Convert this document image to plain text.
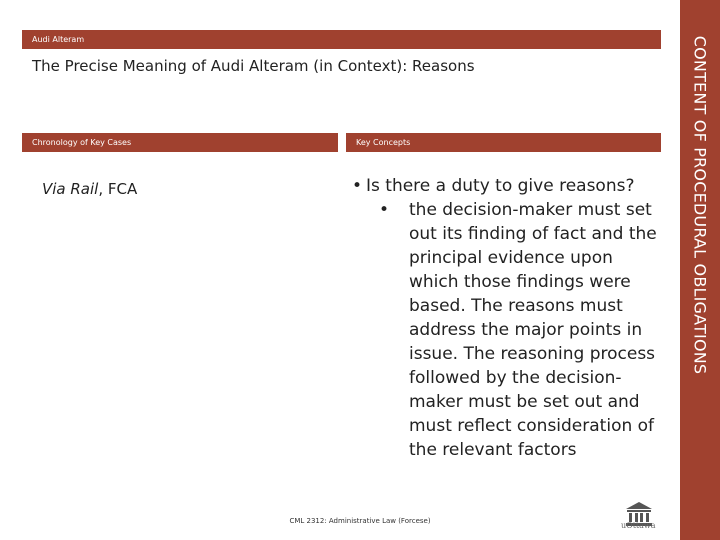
Audi Alteram
The Precise Meaning of Audi Alteram (in Context): Reasons
Chronology of Key Cases	Key Concepts
Via Rail, FCA	• Is there a duty to give reasons?
• the decision-maker must set out its finding of fact and the principal evidence upon which those findings were based. The reasons must address the major points in issue. The reasoning process followed by the decision-maker must be set out and must reflect consideration of the relevant factors
CONTENT OF PROCEDURAL OBLIGATIONS
CML 2312: Administrative Law (Forcese)	uOttawa
